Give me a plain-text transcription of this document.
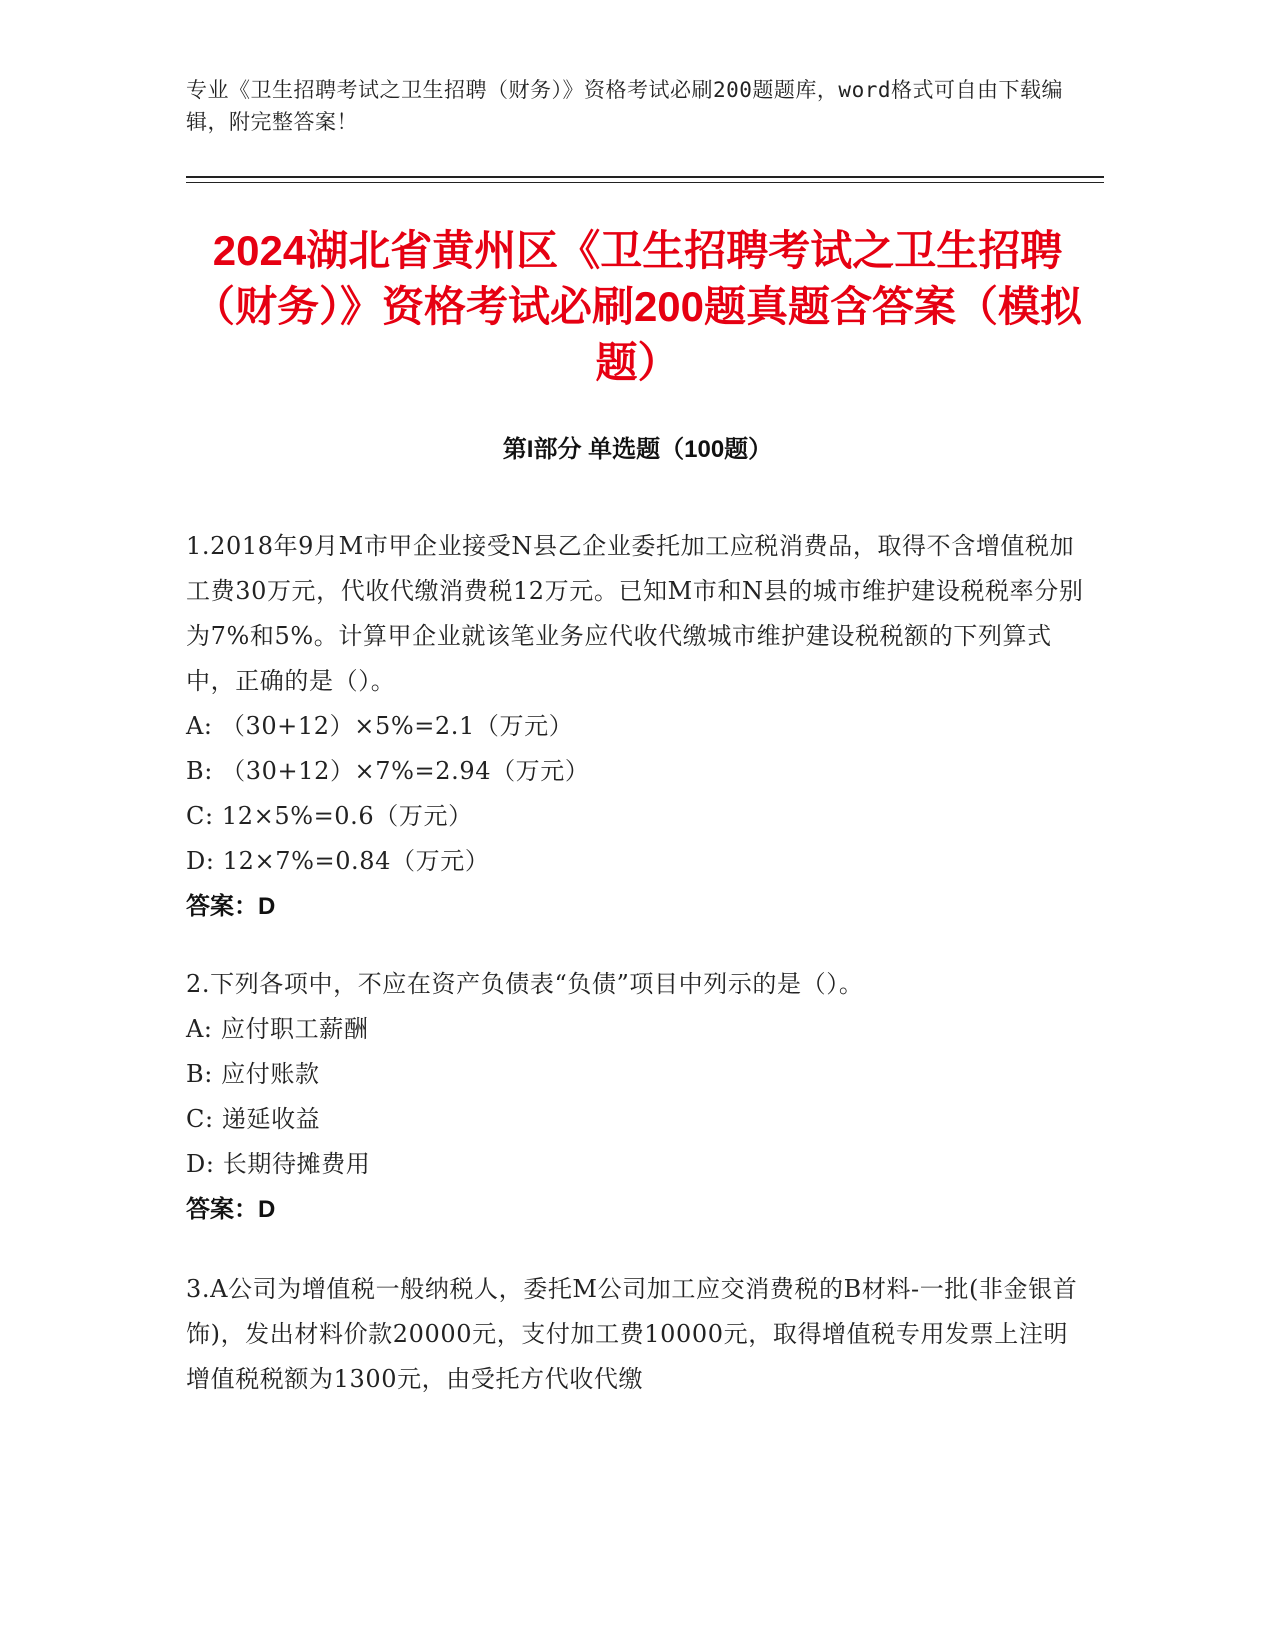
专业《卫生招聘考试之卫生招聘（财务）》资格考试必刷200题题库，word格式可自由下载编辑，附完整答案！
2024湖北省黄州区《卫生招聘考试之卫生招聘（财务）》资格考试必刷200题真题含答案（模拟题）
第I部分 单选题（100题）
1.2018年9月M市甲企业接受N县乙企业委托加工应税消费品，取得不含增值税加工费30万元，代收代缴消费税12万元。已知M市和N县的城市维护建设税税率分别为7%和5%。计算甲企业就该笔业务应代收代缴城市维护建设税税额的下列算式中，正确的是（）。
A: （30+12）×5%=2.1（万元）
B: （30+12）×7%=2.94（万元）
C: 12×5%=0.6（万元）
D: 12×7%=0.84（万元）
答案：D
2.下列各项中，不应在资产负债表“负债”项目中列示的是（）。
A: 应付职工薪酬
B: 应付账款
C: 递延收益
D: 长期待摊费用
答案：D
3.A公司为增值税一般纳税人，委托M公司加工应交消费税的B材料-一批(非金银首饰)，发出材料价款20000元，支付加工费10000元，取得增值税专用发票上注明增值税税额为1300元，由受托方代收代缴
